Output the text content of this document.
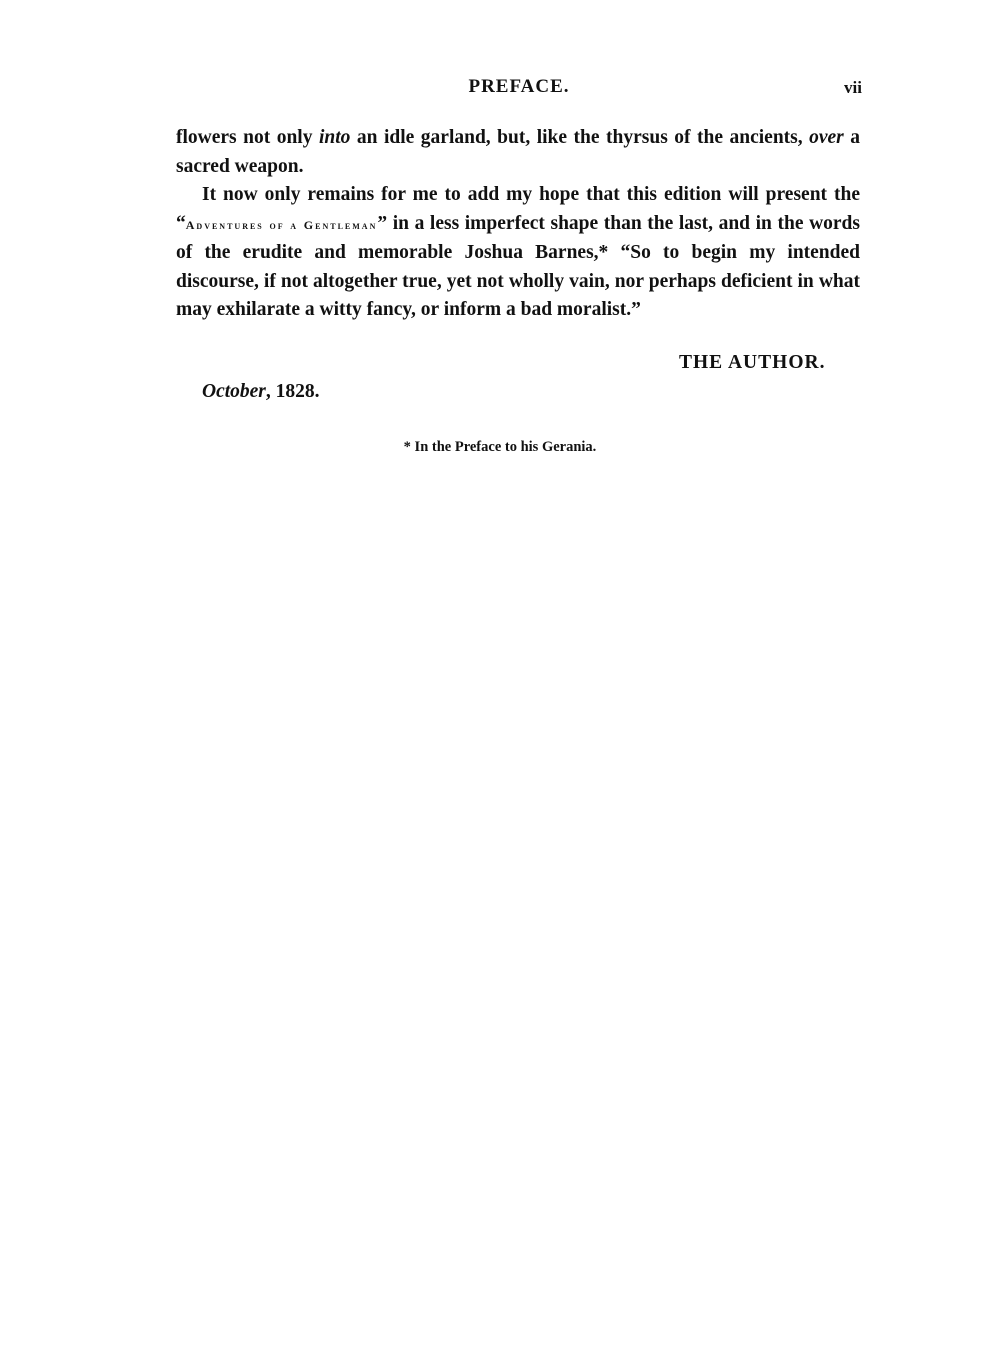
PREFACE.	vii

flowers not only into an idle garland, but, like the thyrsus of the ancients, over a sacred weapon.

It now only remains for me to add my hope that this edition will present the “Adventures of a Gentleman” in a less imperfect shape than the last, and in the words of the erudite and memorable Joshua Barnes,* “So to begin my intended discourse, if not altogether true, yet not wholly vain, nor perhaps deficient in what may exhilarate a witty fancy, or inform a bad moralist.”

THE AUTHOR.
October, 1828.
* In the Preface to his Gerania.
